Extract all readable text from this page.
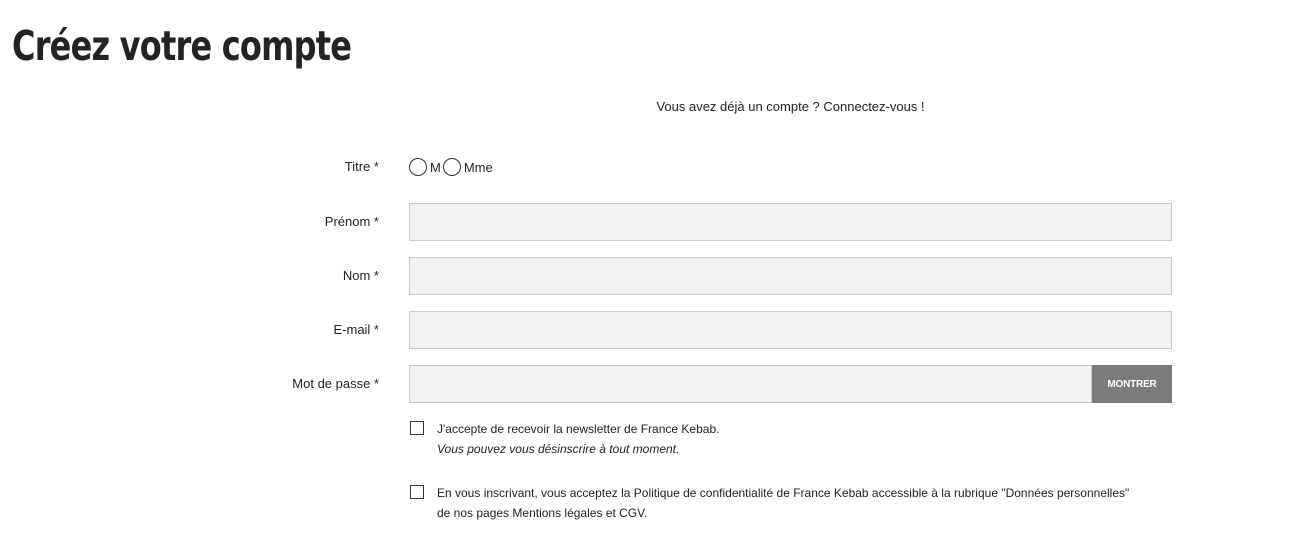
Créez votre compte
Vous avez déjà un compte ? Connectez-vous !
Titre *	M Mme
Prénom *
Nom *
E-mail *
Mot de passe *	MONTRER
J'accepte de recevoir la newsletter de France Kebab.
Vous pouvez vous désinscrire à tout moment.
En vous inscrivant, vous acceptez la Politique de confidentialité de France Kebab accessible à la rubrique "Données personnelles" de nos pages Mentions légales et CGV.
